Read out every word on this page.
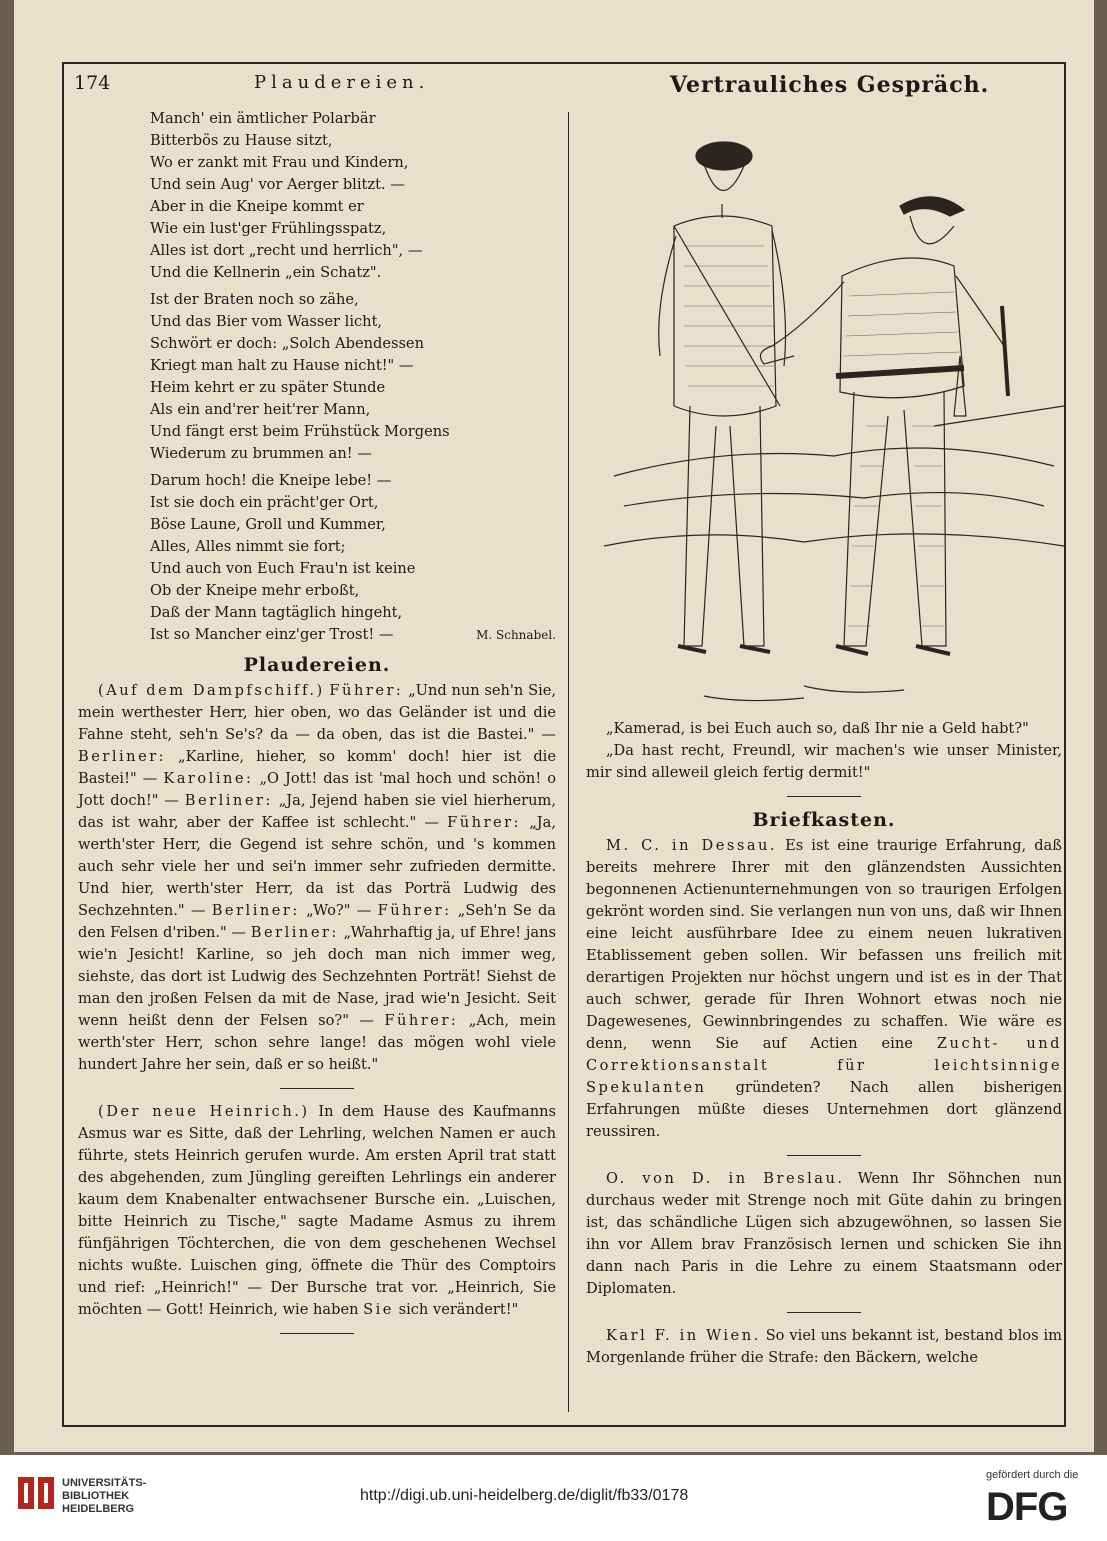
174	Plaudereien.	Vertrauliches Gespräch.
Manch' ein ämtlicher Polarbär
Bitterbös zu Hause sitzt,
Wo er zankt mit Frau und Kindern,
Und sein Aug' vor Aerger blitzt. —
Aber in die Kneipe kommt er
Wie ein lust'ger Frühlingsspatz,
Alles ist dort „recht und herrlich", —
Und die Kellnerin „ein Schatz".
Ist der Braten noch so zähe,
Und das Bier vom Wasser licht,
Schwört er doch: „Solch Abendessen
Kriegt man halt zu Hause nicht!" —
Heim kehrt er zu später Stunde
Als ein and'rer heit'rer Mann,
Und fängt erst beim Frühstück Morgens
Wiederum zu brummen an! —
Darum hoch! die Kneipe lebe! —
Ist sie doch ein prächt'ger Ort,
Böse Laune, Groll und Kummer,
Alles, Alles nimmt sie fort;
Und auch von Euch Frau'n ist keine
Ob der Kneipe mehr erboßt,
Daß der Mann tagtäglich hingeht,
Ist so Mancher einz'ger Trost! —	M. Schnabel.
Plaudereien.

(Auf dem Dampfschiff.) Führer: „Und nun seh'n Sie, mein werthester Herr, hier oben, wo das Geländer ist und die Fahne steht, seh'n Se's? da — da oben, das ist die Bastei." — Berliner: „Karline, hieher, so komm' doch! hier ist die Bastei!" — Karoline: „O Jott! das ist 'mal hoch und schön! o Jott doch!" — Berliner: „Ja, Jejend haben sie viel hierherum, das ist wahr, aber der Kaffee ist schlecht." — Führer: „Ja, werth'ster Herr, die Gegend ist sehre schön, und 's kommen auch sehr viele her und sei'n immer sehr zufrieden dermitte. Und hier, werth'ster Herr, da ist das Porträ Ludwig des Sechzehnten." — Berliner: „Wo?" — Führer: „Seh'n Se da den Felsen d'riben." — Berliner: „Wahrhaftig ja, uf Ehre! jans wie'n Jesicht! Karline, so jeh doch man nich immer weg, siehste, das dort ist Ludwig des Sechzehnten Porträt! Siehst de man den jroßen Felsen da mit de Nase, jrad wie'n Jesicht. Seit wenn heißt denn der Felsen so?" — Führer: „Ach, mein werth'ster Herr, schon sehre lange! das mögen wohl viele hundert Jahre her sein, daß er so heißt."

(Der neue Heinrich.) In dem Hause des Kaufmanns Asmus war es Sitte, daß der Lehrling, welchen Namen er auch führte, stets Heinrich gerufen wurde. Am ersten April trat statt des abgehenden, zum Jüngling gereiften Lehrlings ein anderer kaum dem Knabenalter entwachsener Bursche ein. „Luischen, bitte Heinrich zu Tische," sagte Madame Asmus zu ihrem fünfjährigen Töchterchen, die von dem geschehenen Wechsel nichts wußte. Luischen ging, öffnete die Thür des Comptoirs und rief: „Heinrich!" — Der Bursche trat vor. „Heinrich, Sie möchten — Gott! Heinrich, wie haben Sie sich verändert!"

„Kamerad, is bei Euch auch so, daß Ihr nie a Geld habt?"

„Da hast recht, Freundl, wir machen's wie unser Minister, mir sind alleweil gleich fertig dermit!"

Briefkasten.

M. C. in Dessau. Es ist eine traurige Erfahrung, daß bereits mehrere Ihrer mit den glänzendsten Aussichten begonnenen Actienunternehmungen von so traurigen Erfolgen gekrönt worden sind. Sie verlangen nun von uns, daß wir Ihnen eine leicht ausführbare Idee zu einem neuen lukrativen Etablissement geben sollen. Wir befassen uns freilich mit derartigen Projekten nur höchst ungern und ist es in der That auch schwer, gerade für Ihren Wohnort etwas noch nie Dagewesenes, Gewinnbringendes zu schaffen. Wie wäre es denn, wenn Sie auf Actien eine Zucht- und Correktionsanstalt für leichtsinnige Spekulanten gründeten? Nach allen bisherigen Erfahrungen müßte dieses Unternehmen dort glänzend reussiren.

O. von D. in Breslau. Wenn Ihr Söhnchen nun durchaus weder mit Strenge noch mit Güte dahin zu bringen ist, das schändliche Lügen sich abzugewöhnen, so lassen Sie ihn vor Allem brav Französisch lernen und schicken Sie ihn dann nach Paris in die Lehre zu einem Staatsmann oder Diplomaten.

Karl F. in Wien. So viel uns bekannt ist, bestand blos im Morgenlande früher die Strafe: den Bäckern, welche

UNIVERSITÄTS-
BIBLIOTHEK
HEIDELBERG
http://digi.ub.uni-heidelberg.de/diglit/fb33/0178
gefördert durch die
DFG
